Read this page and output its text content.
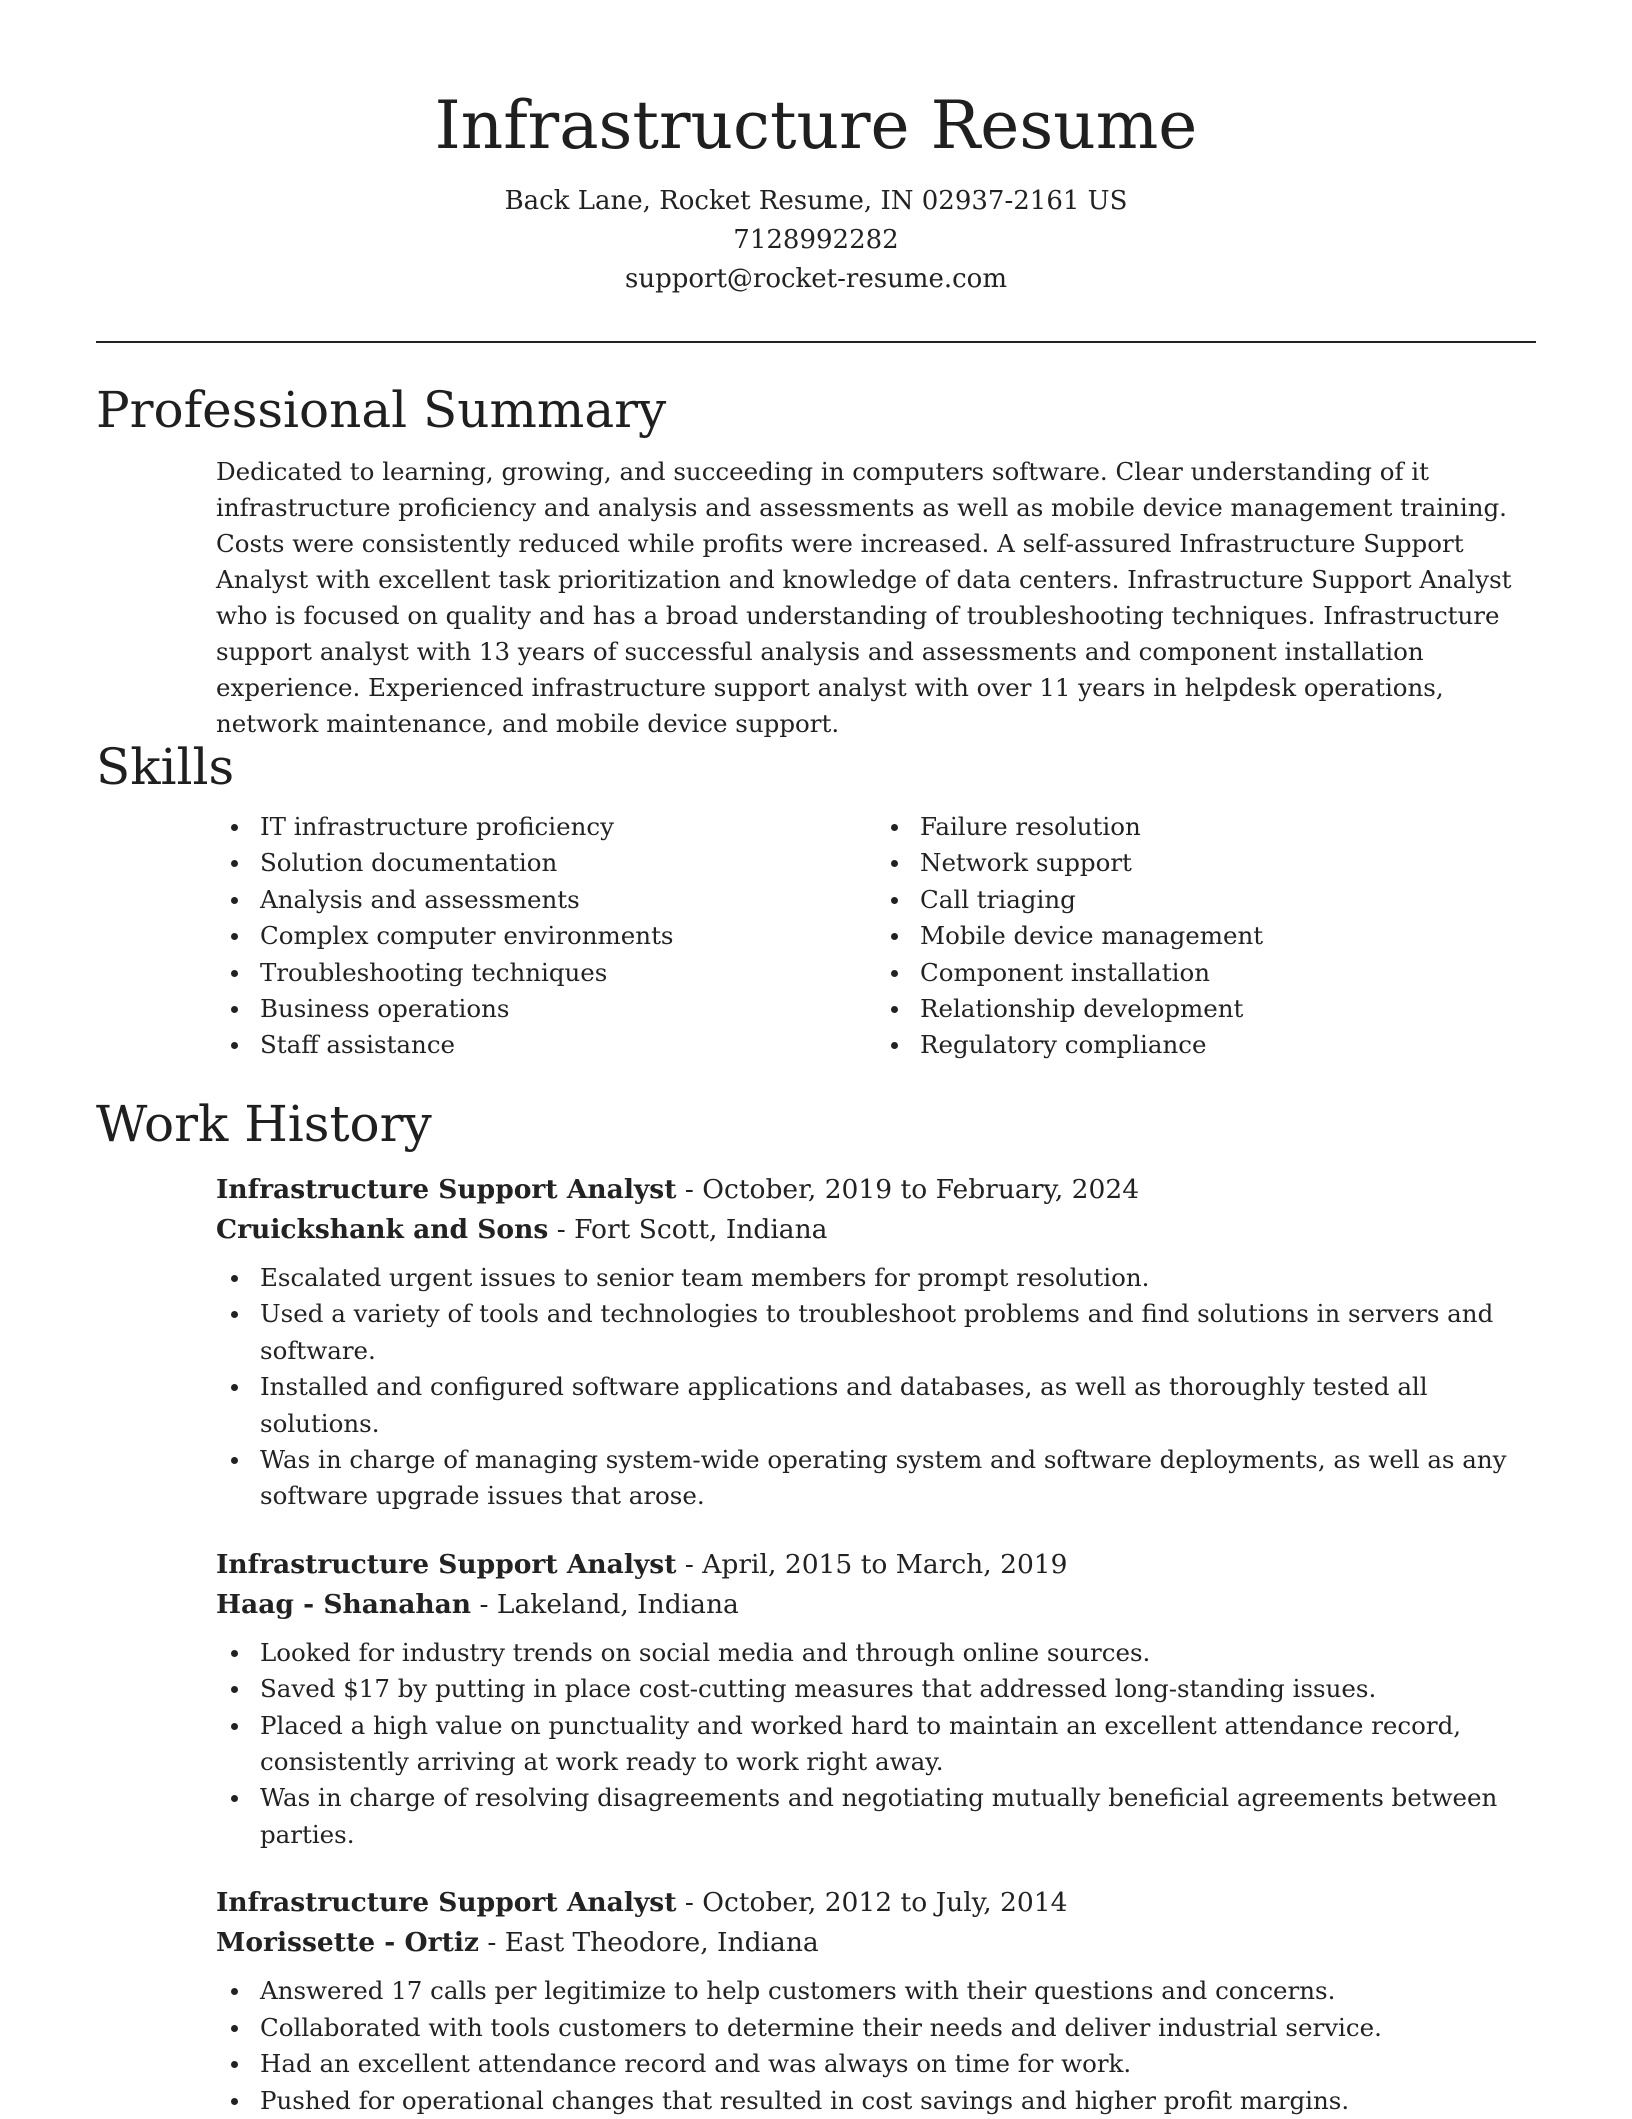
Infrastructure Resume
Back Lane, Rocket Resume, IN 02937-2161 US
7128992282
support@rocket-resume.com
Professional Summary

Dedicated to learning, growing, and succeeding in computers software. Clear understanding of it infrastructure proficiency and analysis and assessments as well as mobile device management training. Costs were consistently reduced while profits were increased. A self-assured Infrastructure Support Analyst with excellent task prioritization and knowledge of data centers. Infrastructure Support Analyst who is focused on quality and has a broad understanding of troubleshooting techniques. Infrastructure support analyst with 13 years of successful analysis and assessments and component installation experience. Experienced infrastructure support analyst with over 11 years in helpdesk operations, network maintenance, and mobile device support.

Skills
IT infrastructure proficiency
Solution documentation
Analysis and assessments
Complex computer environments
Troubleshooting techniques
Business operations
Staff assistance
Failure resolution
Network support
Call triaging
Mobile device management
Component installation
Relationship development
Regulatory compliance
Work History

Infrastructure Support Analyst - October, 2019 to February, 2024

Cruickshank and Sons - Fort Scott, Indiana

Escalated urgent issues to senior team members for prompt resolution.
Used a variety of tools and technologies to troubleshoot problems and find solutions in servers and software.
Installed and configured software applications and databases, as well as thoroughly tested all solutions.
Was in charge of managing system-wide operating system and software deployments, as well as any software upgrade issues that arose.

Infrastructure Support Analyst - April, 2015 to March, 2019

Haag - Shanahan - Lakeland, Indiana

Looked for industry trends on social media and through online sources.
Saved $17 by putting in place cost-cutting measures that addressed long-standing issues.
Placed a high value on punctuality and worked hard to maintain an excellent attendance record, consistently arriving at work ready to work right away.
Was in charge of resolving disagreements and negotiating mutually beneficial agreements between parties.

Infrastructure Support Analyst - October, 2012 to July, 2014

Morissette - Ortiz - East Theodore, Indiana

Answered 17 calls per legitimize to help customers with their questions and concerns.
Collaborated with tools customers to determine their needs and deliver industrial service.
Had an excellent attendance record and was always on time for work.
Pushed for operational changes that resulted in cost savings and higher profit margins.
